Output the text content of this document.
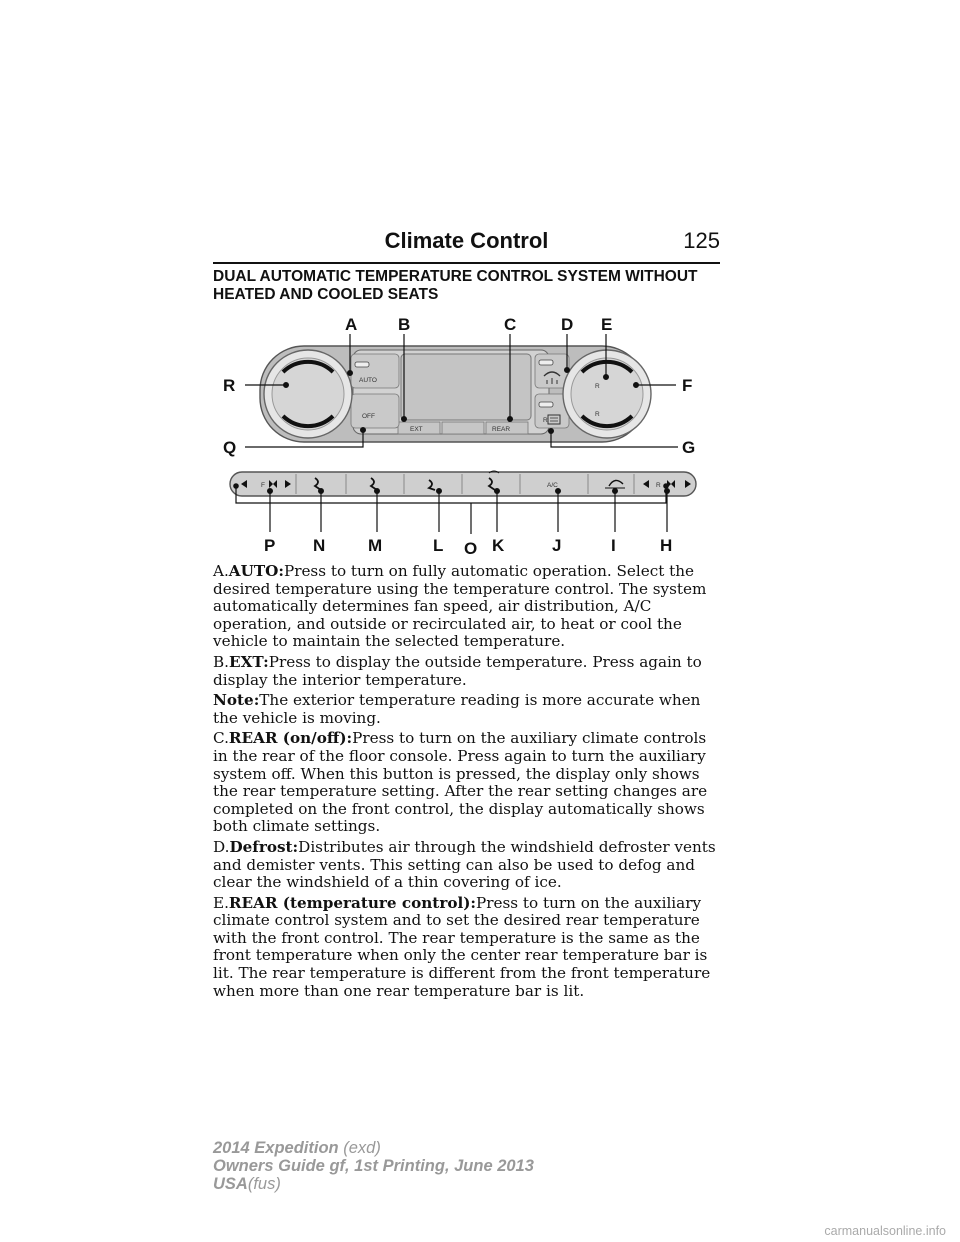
Climate Control	125
DUAL AUTOMATIC TEMPERATURE CONTROL SYSTEM WITHOUT HEATED AND COOLED SEATS
AUTO
OFF
EXT	REAR
R
R
R
F	R
A/C
A B	C	D E
F
G
H
I
J
K
L
M
N	O
P
Q
R

A.AUTO:Press to turn on fully automatic operation. Select the desired temperature using the temperature control. The system automatically determines fan speed, air distribution, A/C operation, and outside or recirculated air, to heat or cool the vehicle to maintain the selected temperature.

B.EXT:Press to display the outside temperature. Press again to display the interior temperature.

Note:The exterior temperature reading is more accurate when the vehicle is moving.

C.REAR (on/off):Press to turn on the auxiliary climate controls in the rear of the floor console. Press again to turn the auxiliary system off. When this button is pressed, the display only shows the rear temperature setting. After the rear setting changes are completed on the front control, the display automatically shows both climate settings.

D.Defrost:Distributes air through the windshield defroster vents and demister vents. This setting can also be used to defog and clear the windshield of a thin covering of ice.

E.REAR (temperature control):Press to turn on the auxiliary climate control system and to set the desired rear temperature with the front control. The rear temperature is the same as the front temperature when only the center rear temperature bar is lit. The rear temperature is different from the front temperature when more than one rear temperature bar is lit.

2014 Expedition (exd)
Owners Guide gf, 1st Printing, June 2013
USA(fus)
carmanualsonline.info
